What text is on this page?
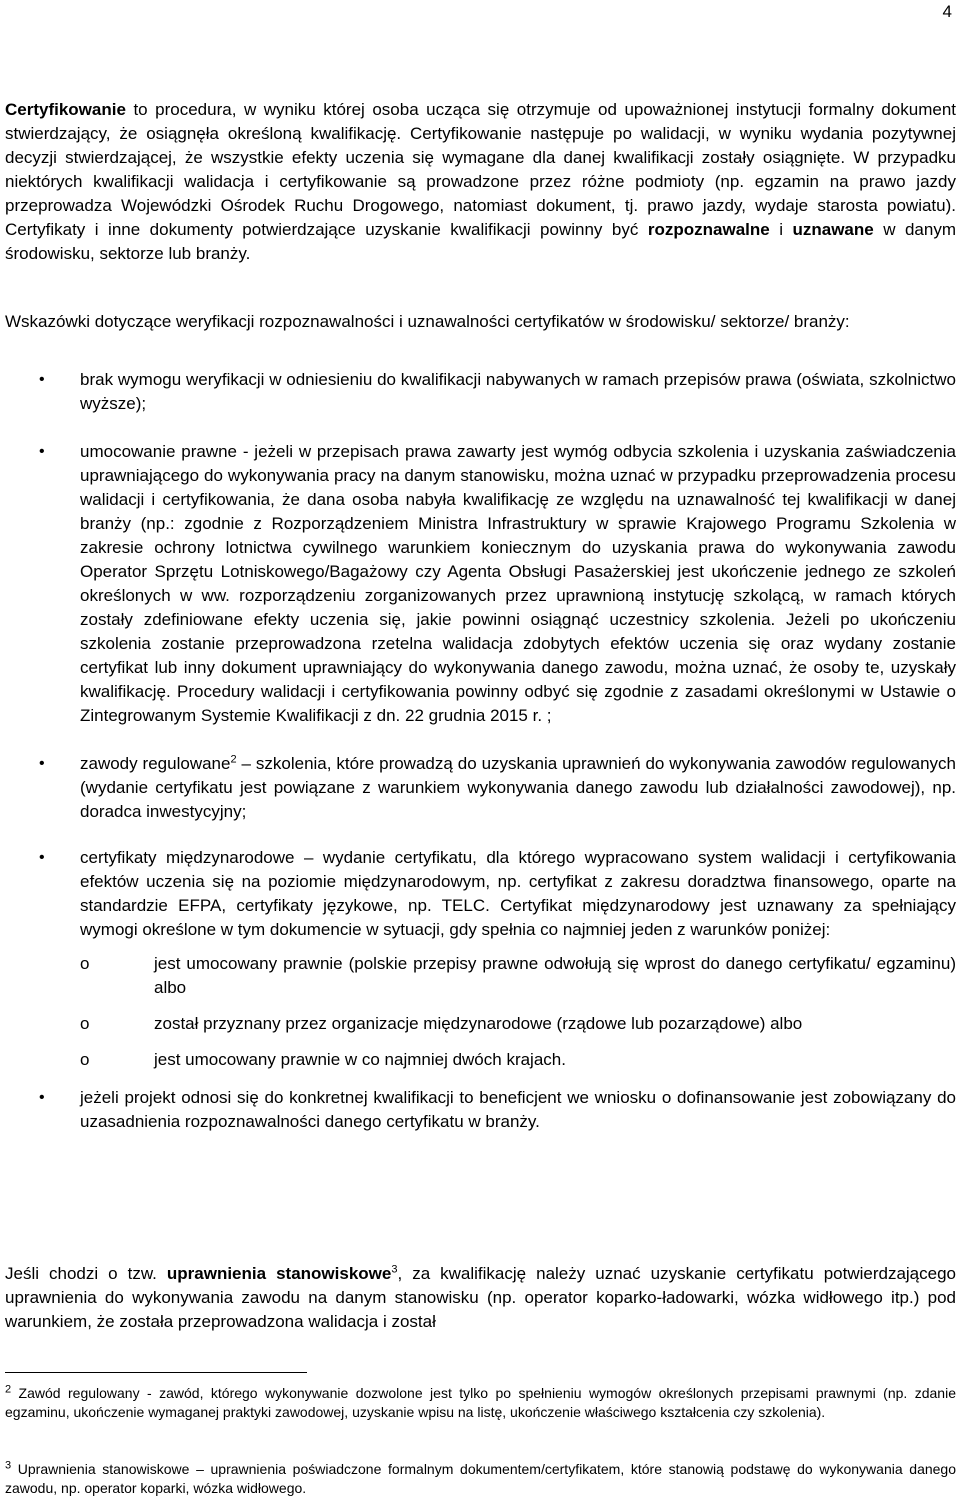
4

Certyfikowanie to procedura, w wyniku której osoba ucząca się otrzymuje od upoważnionej instytucji formalny dokument stwierdzający, że osiągnęła określoną kwalifikację. Certyfikowanie następuje po walidacji, w wyniku wydania pozytywnej decyzji stwierdzającej, że wszystkie efekty uczenia się wymagane dla danej kwalifikacji zostały osiągnięte. W przypadku niektórych kwalifikacji walidacja i certyfikowanie są prowadzone przez różne podmioty (np. egzamin na prawo jazdy przeprowadza Wojewódzki Ośrodek Ruchu Drogowego, natomiast dokument, tj. prawo jazdy, wydaje starosta powiatu). Certyfikaty i inne dokumenty potwierdzające uzyskanie kwalifikacji powinny być rozpoznawalne i uznawane w danym środowisku, sektorze lub branży.

Wskazówki dotyczące weryfikacji rozpoznawalności i uznawalności certyfikatów w środowisku/ sektorze/ branży:

• brak wymogu weryfikacji w odniesieniu do kwalifikacji nabywanych w ramach przepisów prawa (oświata, szkolnictwo wyższe);
• umocowanie prawne - jeżeli w przepisach prawa zawarty jest wymóg odbycia szkolenia i uzyskania zaświadczenia uprawniającego do wykonywania pracy na danym stanowisku, można uznać w przypadku przeprowadzenia procesu walidacji i certyfikowania, że dana osoba nabyła kwalifikację ze względu na uznawalność tej kwalifikacji w danej branży (np.: zgodnie z Rozporządzeniem Ministra Infrastruktury w sprawie Krajowego Programu Szkolenia w zakresie ochrony lotnictwa cywilnego warunkiem koniecznym do uzyskania prawa do wykonywania zawodu Operator Sprzętu Lotniskowego/Bagażowy czy Agenta Obsługi Pasażerskiej jest ukończenie jednego ze szkoleń określonych w ww. rozporządzeniu zorganizowanych przez uprawnioną instytucję szkolącą, w ramach których zostały zdefiniowane efekty uczenia się, jakie powinni osiągnąć uczestnicy szkolenia. Jeżeli po ukończeniu szkolenia zostanie przeprowadzona rzetelna walidacja zdobytych efektów uczenia się oraz wydany zostanie certyfikat lub inny dokument uprawniający do wykonywania danego zawodu, można uznać, że osoby te, uzyskały kwalifikację. Procedury walidacji i certyfikowania powinny odbyć się zgodnie z zasadami określonymi w Ustawie o Zintegrowanym Systemie Kwalifikacji z dn. 22 grudnia 2015 r. ;
• zawody regulowane$^2$ – szkolenia, które prowadzą do uzyskania uprawnień do wykonywania zawodów regulowanych (wydanie certyfikatu jest powiązane z warunkiem wykonywania danego zawodu lub działalności zawodowej), np. doradca inwestycyjny;
• certyfikaty międzynarodowe – wydanie certyfikatu, dla którego wypracowano system walidacji i certyfikowania efektów uczenia się na poziomie międzynarodowym, np. certyfikat z zakresu doradztwa finansowego, oparte na standardzie EFPA, certyfikaty językowe, np. TELC. Certyfikat międzynarodowy jest uznawany za spełniający wymogi określone w tym dokumencie w sytuacji, gdy spełnia co najmniej jeden z warunków poniżej:
o	jest umocowany prawnie (polskie przepisy prawne odwołują się wprost do danego certyfikatu/ egzaminu) albo
o	został przyznany przez organizacje międzynarodowe (rządowe lub pozarządowe) albo
o	jest umocowany prawnie w co najmniej dwóch krajach.
• jeżeli projekt odnosi się do konkretnej kwalifikacji to beneficjent we wniosku o dofinansowanie jest zobowiązany do uzasadnienia rozpoznawalności danego certyfikatu w branży.

Jeśli chodzi o tzw. uprawnienia stanowiskowe$^3$, za kwalifikację należy uznać uzyskanie certyfikatu potwierdzającego uprawnienia do wykonywania zawodu na danym stanowisku (np. operator koparko-ładowarki, wózka widłowego itp.) pod warunkiem, że została przeprowadzona walidacja i został

$^2$ Zawód regulowany - zawód, którego wykonywanie dozwolone jest tylko po spełnieniu wymogów określonych przepisami prawnymi (np. zdanie egzaminu, ukończenie wymaganej praktyki zawodowej, uzyskanie wpisu na listę, ukończenie właściwego kształcenia czy szkolenia).

$^3$ Uprawnienia stanowiskowe – uprawnienia poświadczone formalnym dokumentem/certyfikatem, które stanowią podstawę do wykonywania danego zawodu, np. operator koparki, wózka widłowego.
